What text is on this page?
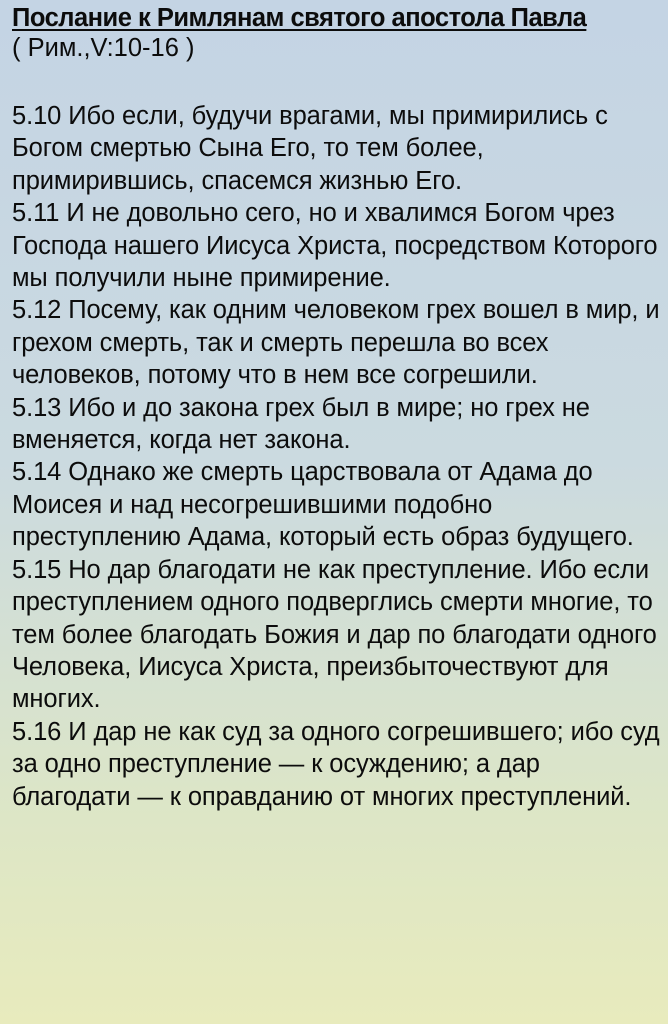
Послание к Римлянам святого апостола Павла

( Рим.,V:10-16 )

5.10 Ибо если, будучи врагами, мы примирились с Богом смертью Сына Его, то тем более, примирившись, спасемся жизнью Его.

5.11 И не довольно сего, но и хвалимся Богом чрез Господа нашего Иисуса Христа, посредством Которого мы получили ныне примирение.

5.12 Посему, как одним человеком грех вошел в мир, и грехом смерть, так и смерть перешла во всех человеков, потому что в нем все согрешили.

5.13 Ибо и до закона грех был в мире; но грех не вменяется, когда нет закона.

5.14 Однако же смерть царствовала от Адама до Моисея и над несогрешившими подобно преступлению Адама, который есть образ будущего.

5.15 Но дар благодати не как преступление. Ибо если преступлением одного подверглись смерти многие, то тем более благодать Божия и дар по благодати одного Человека, Иисуса Христа, преизбыточествуют для многих.

5.16 И дар не как суд за одного согрешившего; ибо суд за одно преступление — к осуждению; а дар благодати — к оправданию от многих преступлений.
